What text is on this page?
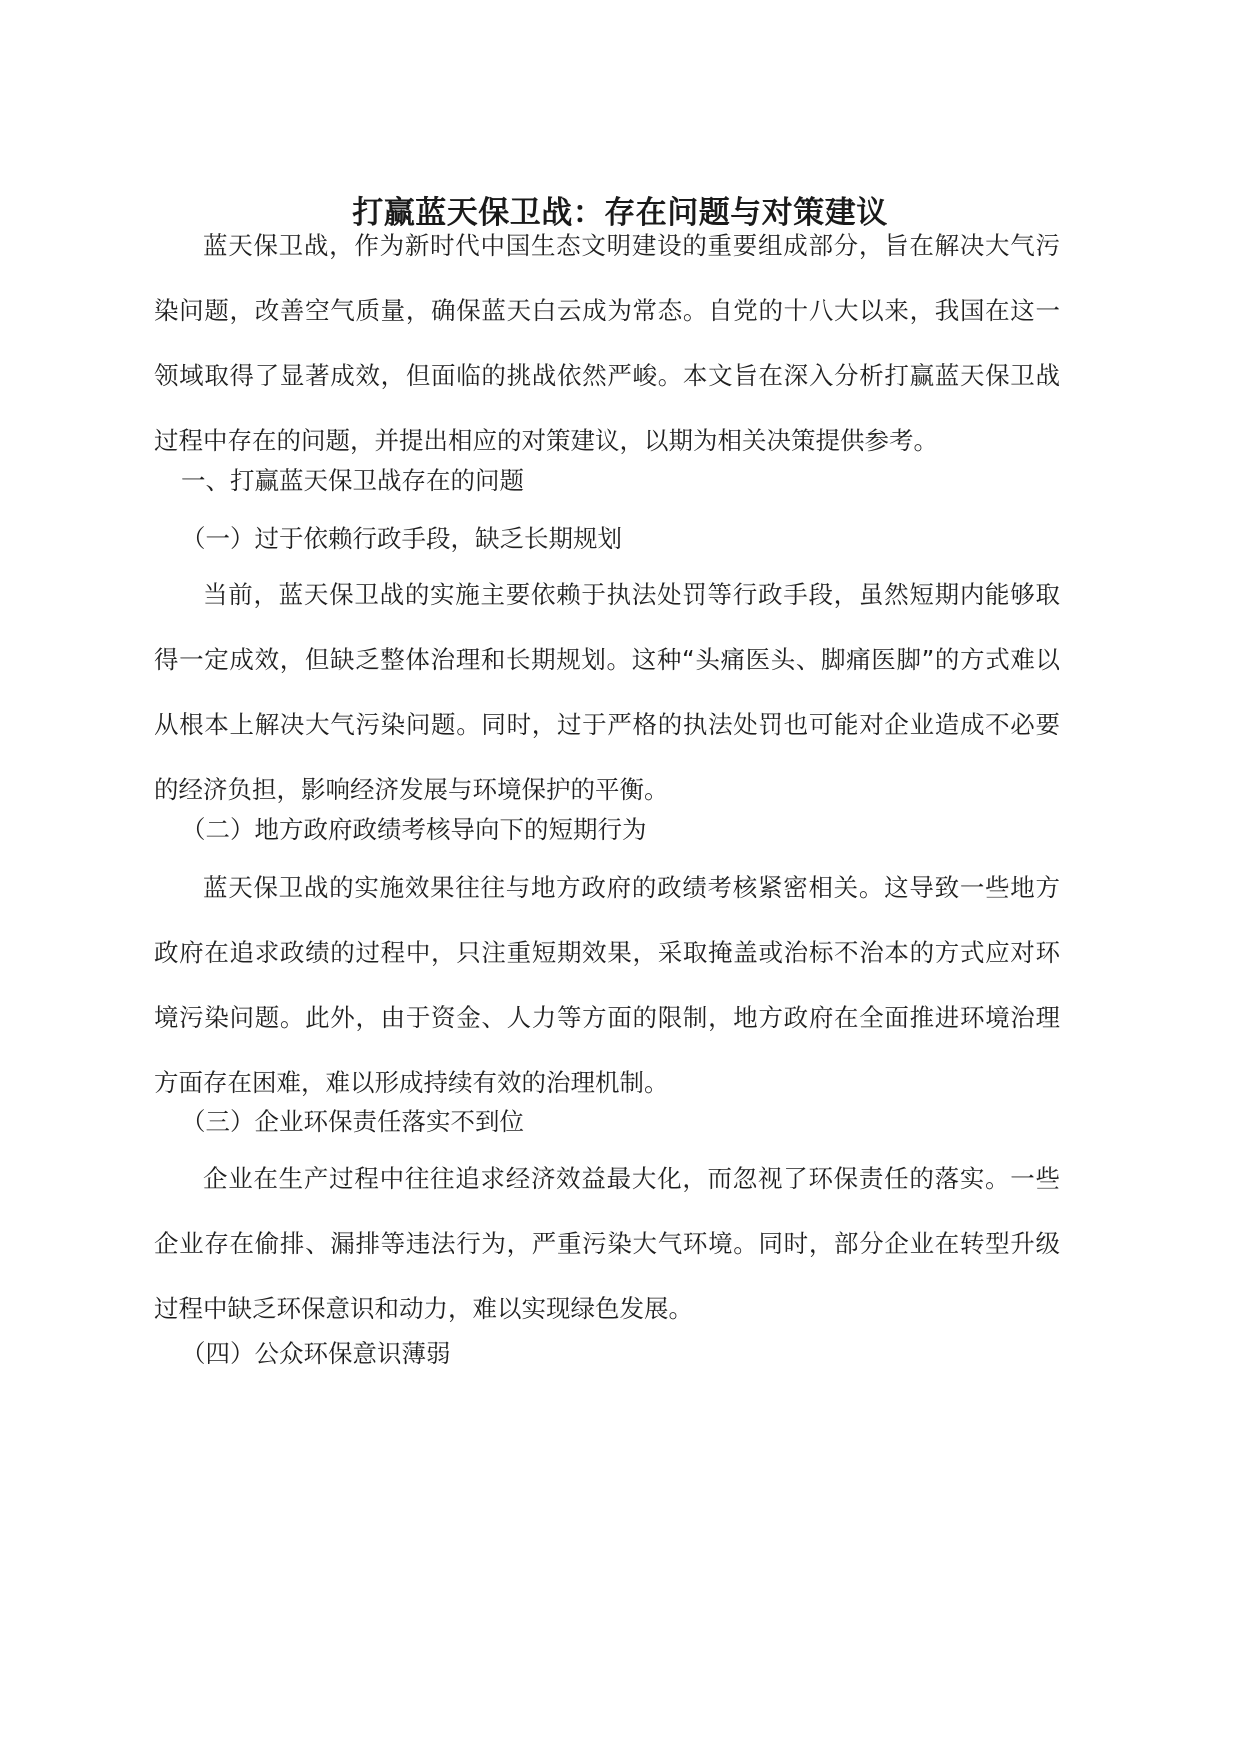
打赢蓝天保卫战：存在问题与对策建议

蓝天保卫战，作为新时代中国生态文明建设的重要组成部分，旨在解决大气污染问题，改善空气质量，确保蓝天白云成为常态。自党的十八大以来，我国在这一领域取得了显著成效，但面临的挑战依然严峻。本文旨在深入分析打赢蓝天保卫战过程中存在的问题，并提出相应的对策建议，以期为相关决策提供参考。

一、打赢蓝天保卫战存在的问题

（一）过于依赖行政手段，缺乏长期规划

当前，蓝天保卫战的实施主要依赖于执法处罚等行政手段，虽然短期内能够取得一定成效，但缺乏整体治理和长期规划。这种“头痛医头、脚痛医脚”的方式难以从根本上解决大气污染问题。同时，过于严格的执法处罚也可能对企业造成不必要的经济负担，影响经济发展与环境保护的平衡。

（二）地方政府政绩考核导向下的短期行为

蓝天保卫战的实施效果往往与地方政府的政绩考核紧密相关。这导致一些地方政府在追求政绩的过程中，只注重短期效果，采取掩盖或治标不治本的方式应对环境污染问题。此外，由于资金、人力等方面的限制，地方政府在全面推进环境治理方面存在困难，难以形成持续有效的治理机制。

（三）企业环保责任落实不到位

企业在生产过程中往往追求经济效益最大化，而忽视了环保责任的落实。一些企业存在偷排、漏排等违法行为，严重污染大气环境。同时，部分企业在转型升级过程中缺乏环保意识和动力，难以实现绿色发展。

（四）公众环保意识薄弱
